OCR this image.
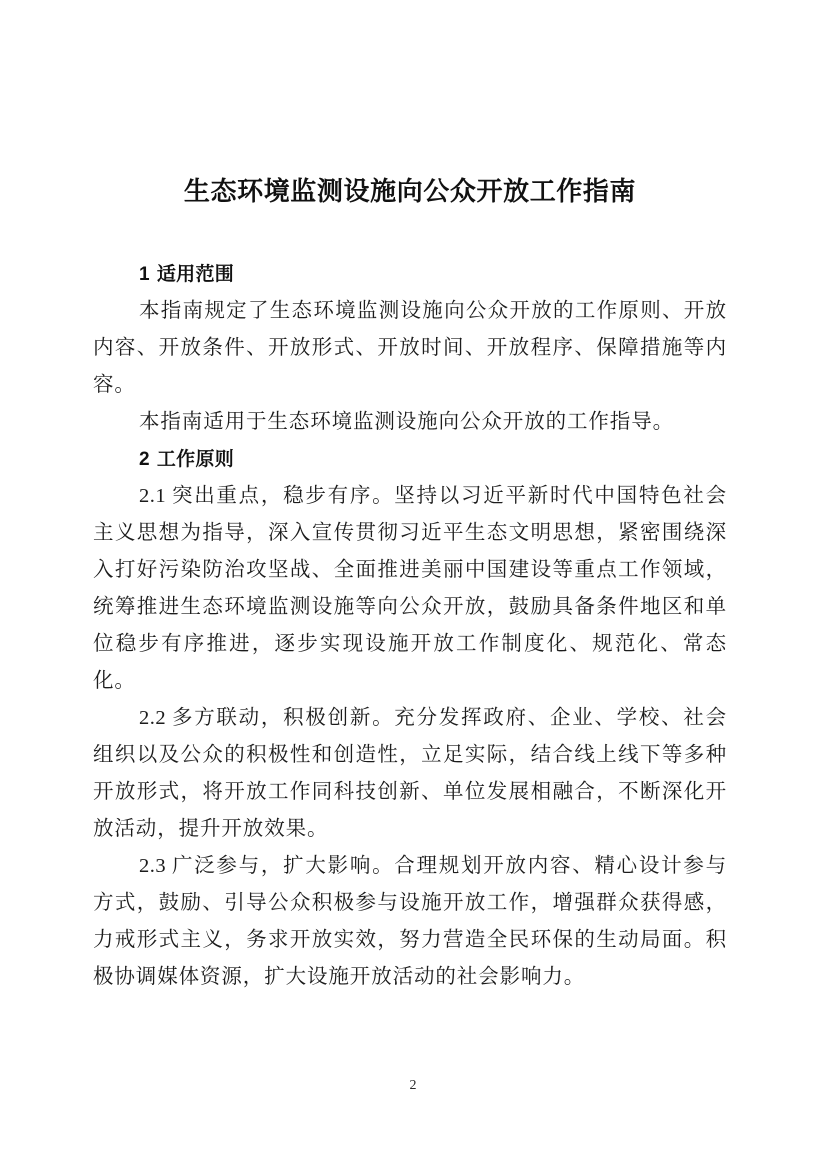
生态环境监测设施向公众开放工作指南
1 适用范围

本指南规定了生态环境监测设施向公众开放的工作原则、开放内容、开放条件、开放形式、开放时间、开放程序、保障措施等内容。

本指南适用于生态环境监测设施向公众开放的工作指导。

2 工作原则

2.1 突出重点，稳步有序。坚持以习近平新时代中国特色社会主义思想为指导，深入宣传贯彻习近平生态文明思想，紧密围绕深入打好污染防治攻坚战、全面推进美丽中国建设等重点工作领域，统筹推进生态环境监测设施等向公众开放，鼓励具备条件地区和单位稳步有序推进，逐步实现设施开放工作制度化、规范化、常态化。

2.2 多方联动，积极创新。充分发挥政府、企业、学校、社会组织以及公众的积极性和创造性，立足实际，结合线上线下等多种开放形式，将开放工作同科技创新、单位发展相融合，不断深化开放活动，提升开放效果。

2.3 广泛参与，扩大影响。合理规划开放内容、精心设计参与方式，鼓励、引导公众积极参与设施开放工作，增强群众获得感，力戒形式主义，务求开放实效，努力营造全民环保的生动局面。积极协调媒体资源，扩大设施开放活动的社会影响力。

2
